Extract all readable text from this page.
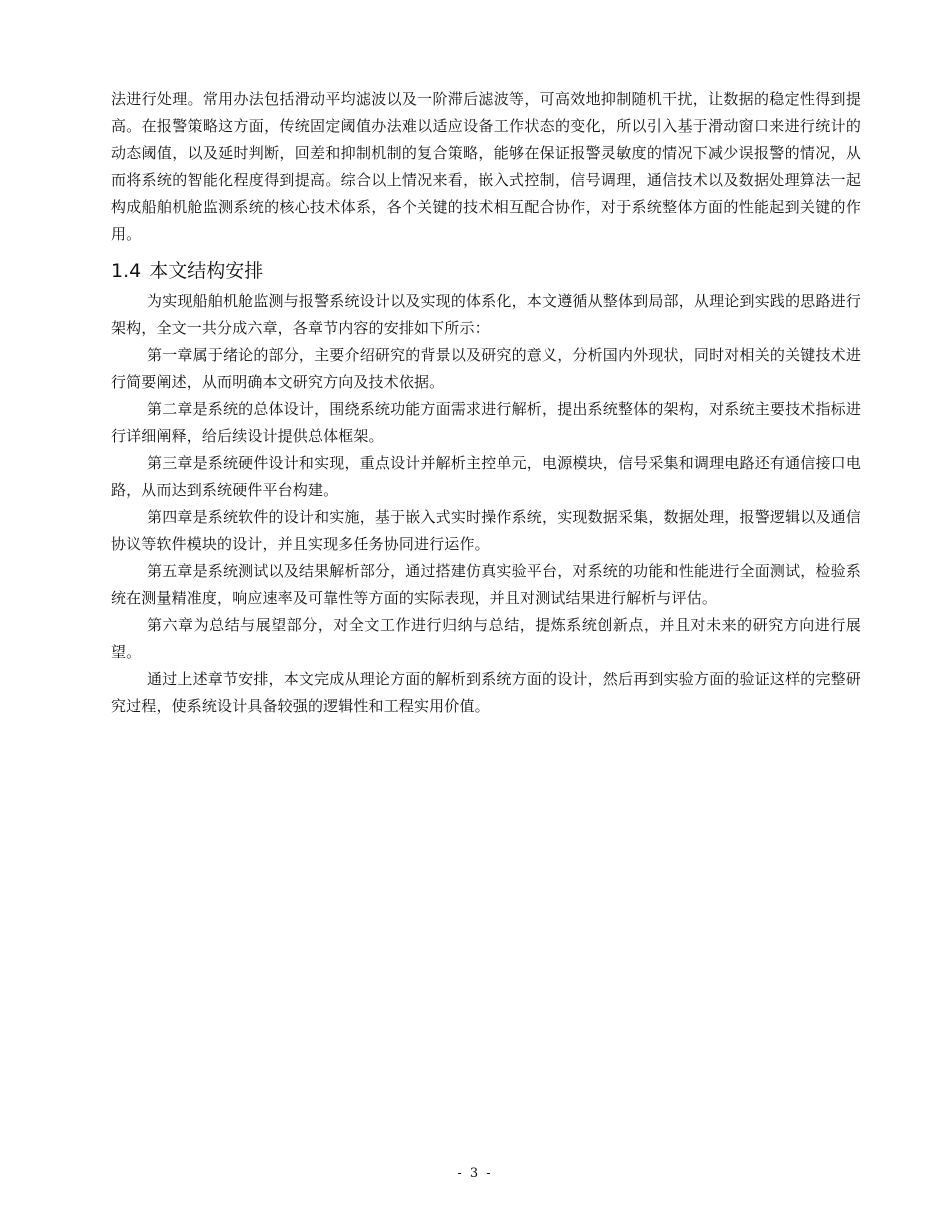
法进行处理。常用办法包括滑动平均滤波以及一阶滞后滤波等，可高效地抑制随机干扰，让数据的稳定性得到提高。在报警策略这方面，传统固定阈值办法难以适应设备工作状态的变化，所以引入基于滑动窗口来进行统计的动态阈值，以及延时判断，回差和抑制机制的复合策略，能够在保证报警灵敏度的情况下减少误报警的情况，从而将系统的智能化程度得到提高。综合以上情况来看，嵌入式控制，信号调理，通信技术以及数据处理算法一起构成船舶机舱监测系统的核心技术体系，各个关键的技术相互配合协作，对于系统整体方面的性能起到关键的作用。

1.4 本文结构安排

为实现船舶机舱监测与报警系统设计以及实现的体系化，本文遵循从整体到局部，从理论到实践的思路进行架构，全文一共分成六章，各章节内容的安排如下所示：

第一章属于绪论的部分，主要介绍研究的背景以及研究的意义，分析国内外现状，同时对相关的关键技术进行简要阐述，从而明确本文研究方向及技术依据。

第二章是系统的总体设计，围绕系统功能方面需求进行解析，提出系统整体的架构，对系统主要技术指标进行详细阐释，给后续设计提供总体框架。

第三章是系统硬件设计和实现，重点设计并解析主控单元，电源模块，信号采集和调理电路还有通信接口电路，从而达到系统硬件平台构建。

第四章是系统软件的设计和实施，基于嵌入式实时操作系统，实现数据采集，数据处理，报警逻辑以及通信协议等软件模块的设计，并且实现多任务协同进行运作。

第五章是系统测试以及结果解析部分，通过搭建仿真实验平台，对系统的功能和性能进行全面测试，检验系统在测量精准度，响应速率及可靠性等方面的实际表现，并且对测试结果进行解析与评估。

第六章为总结与展望部分，对全文工作进行归纳与总结，提炼系统创新点，并且对未来的研究方向进行展望。

通过上述章节安排，本文完成从理论方面的解析到系统方面的设计，然后再到实验方面的验证这样的完整研究过程，使系统设计具备较强的逻辑性和工程实用价值。

- 3 -
